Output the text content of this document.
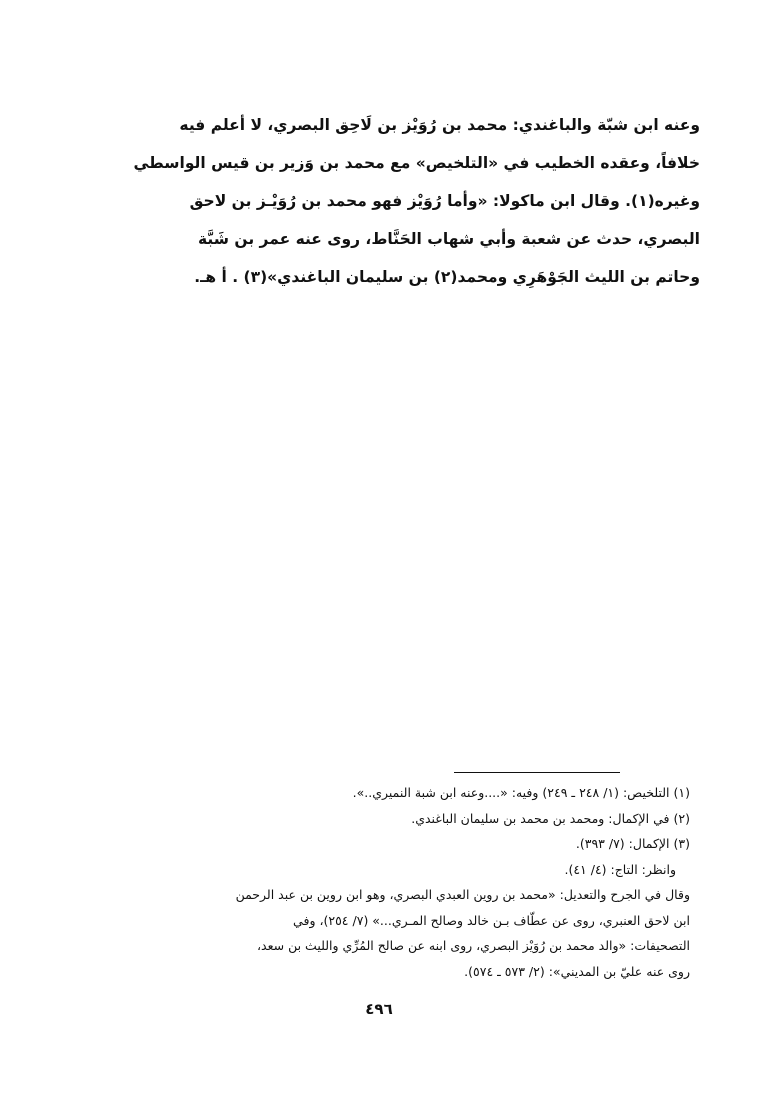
وعنه ابن شبّة والباغندي: محمد بن رُوَيْز بن لَاحِق البصري، لا أعلم فيه
خلافاً، وعقده الخطيب في «التلخيص» مع محمد بن وَزير بن قيس الواسطي
وغيره(١). وقال ابن ماكولا: «وأما رُوَيْز فهو محمد بن رُوَيْـز بن لاحق
البصري، حدث عن شعبة وأبي شهاب الحَنَّاط، روى عنه عمر بن شَبَّة
وحاتم بن الليث الجَوْهَرِي ومحمد(٢) بن سليمان الباغندي»(٣) . أ هـ.
(١) التلخيص: (١/ ٢٤٨ ـ ٢٤٩) وفيه: «....وعنه ابن شبة النميري..».
(٢) في الإكمال: ومحمد بن محمد بن سليمان الباغندي.
(٣) الإكمال: (٧/ ٣٩٣).
وانظر: التاج: (٤/ ٤١).
وقال في الجرح والتعديل: «محمد بن روين العبدي البصري، وهو ابن روين بن عبد الرحمن
ابن لاحق العنبري، روى عن عطّاف بـن خالد وصالح المـري...» (٧/ ٢٥٤)، وفي
التصحيفات: «والد محمد بن رُوَيْز البصري، روى ابنه عن صالح المُرِّي والليث بن سعد،
روى عنه عليّ بن المديني»: (٢/ ٥٧٣ ـ ٥٧٤).
٤٩٦
